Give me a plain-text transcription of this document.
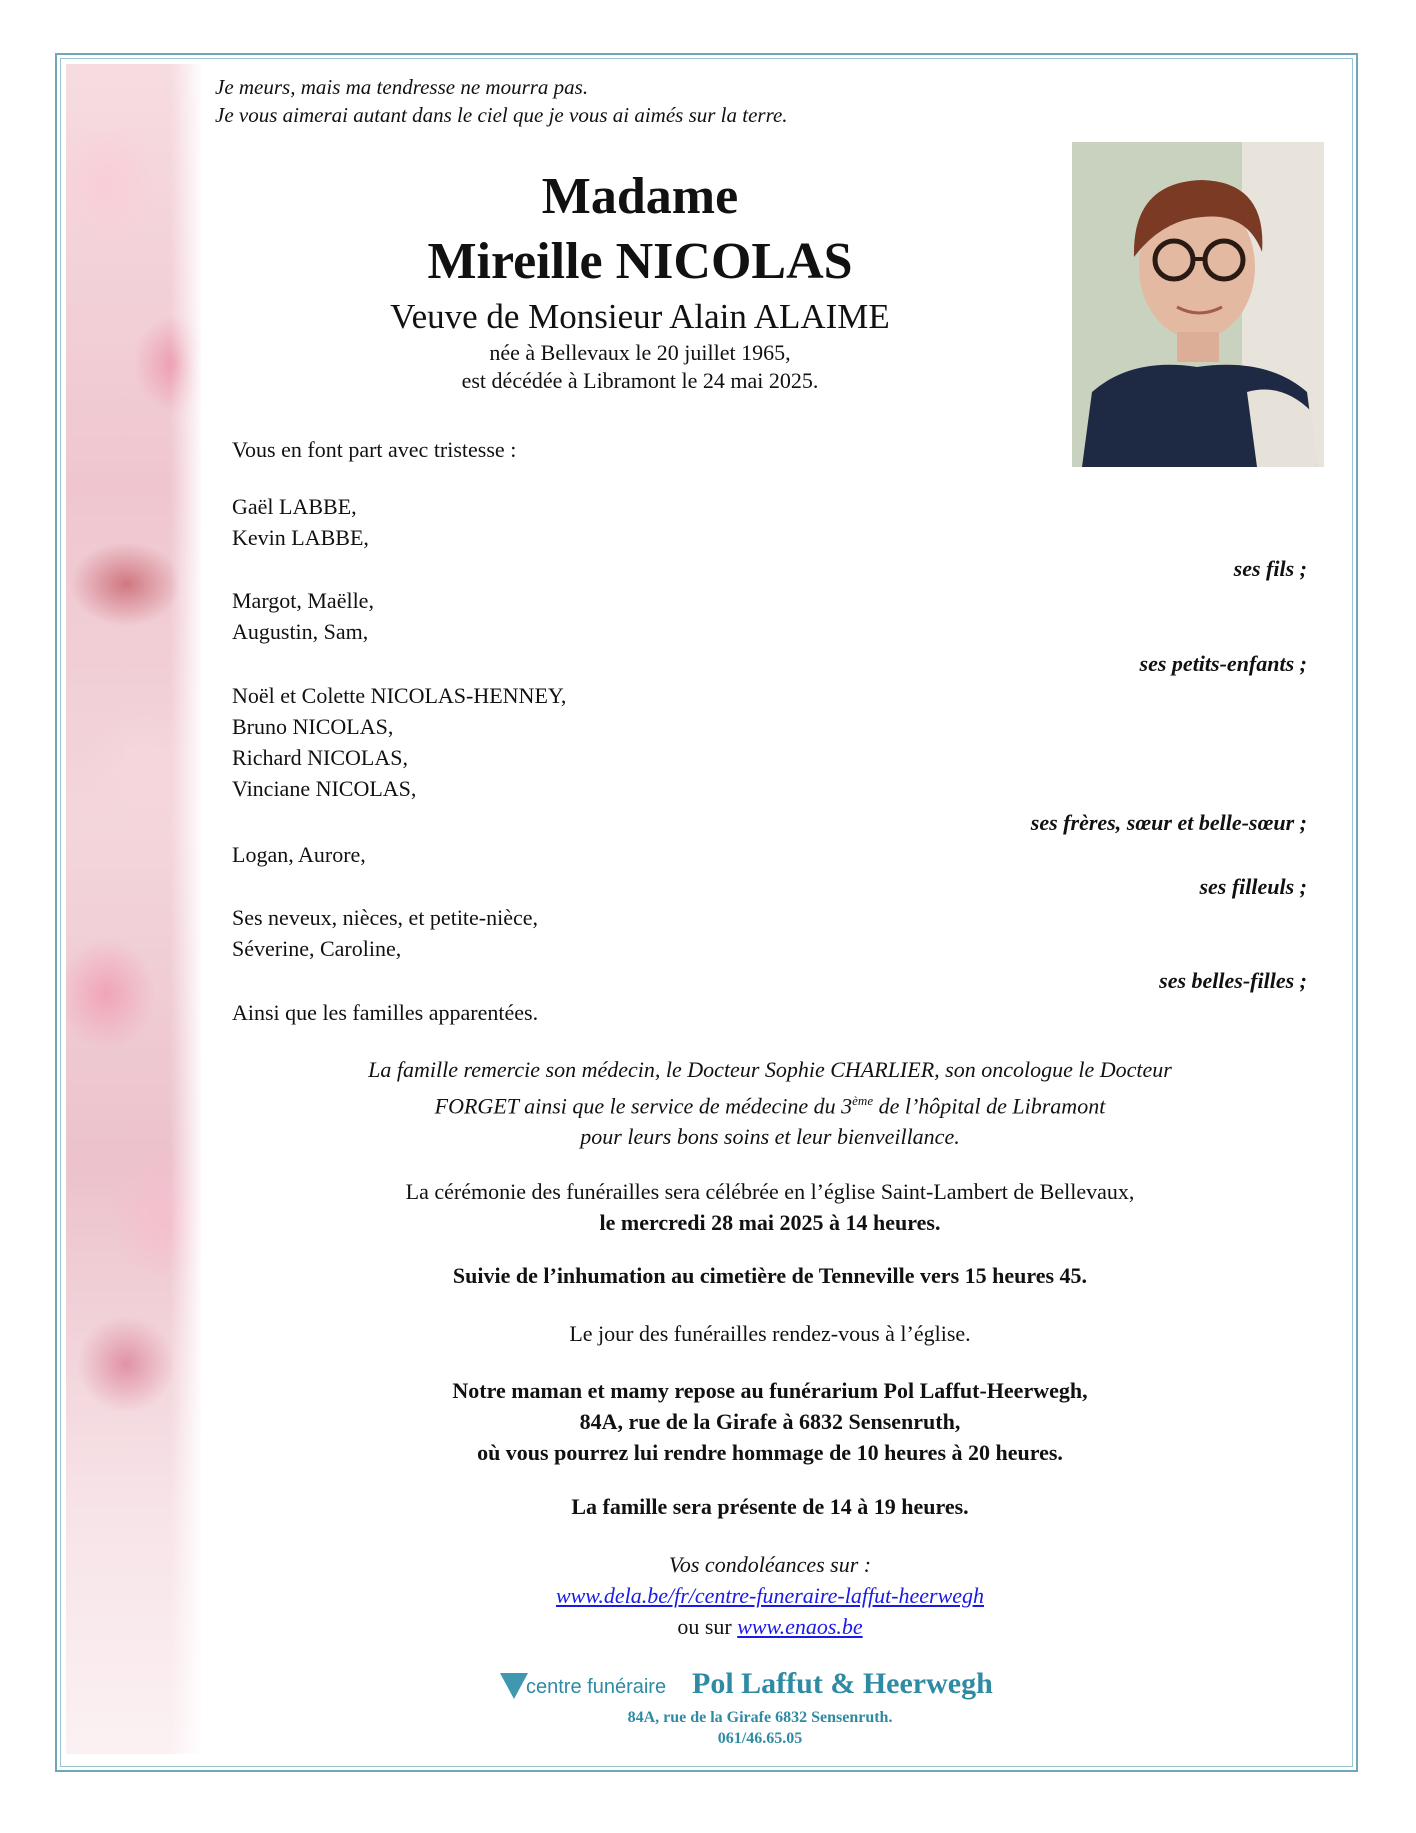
Je meurs, mais ma tendresse ne mourra pas.
Je vous aimerai autant dans le ciel que je vous ai aimés sur la terre.
Madame
Mireille NICOLAS
Veuve de Monsieur Alain ALAIME
née à Bellevaux le 20 juillet 1965,
est décédée à Libramont le 24 mai 2025.
Vous en font part avec tristesse :
Gaël LABBE,
Kevin LABBE,
ses fils ;
Margot, Maëlle,
Augustin, Sam,
ses petits-enfants ;
Noël et Colette NICOLAS-HENNEY,
Bruno NICOLAS,
Richard NICOLAS,
Vinciane NICOLAS,
ses frères, sœur et belle-sœur ;
Logan, Aurore,
ses filleuls ;
Ses neveux, nièces, et petite-nièce,
Séverine, Caroline,
ses belles-filles ;
Ainsi que les familles apparentées.
La famille remercie son médecin, le Docteur Sophie CHARLIER, son oncologue le Docteur
FORGET ainsi que le service de médecine du 3ème de l’hôpital de Libramont
pour leurs bons soins et leur bienveillance.
La cérémonie des funérailles sera célébrée en l’église Saint-Lambert de Bellevaux,
le mercredi 28 mai 2025 à 14 heures.
Suivie de l’inhumation au cimetière de Tenneville vers 15 heures 45.
Le jour des funérailles rendez-vous à l’église.
Notre maman et mamy repose au funérarium Pol Laffut-Heerwegh,
84A, rue de la Girafe à 6832 Sensenruth,
où vous pourrez lui rendre hommage de 10 heures à 20 heures.
La famille sera présente de 14 à 19 heures.
Vos condoléances sur :
www.dela.be/fr/centre-funeraire-laffut-heerwegh
ou sur www.enaos.be
centre funéraire Pol Laffut & Heerwegh
84A, rue de la Girafe 6832 Sensenruth.
061/46.65.05
